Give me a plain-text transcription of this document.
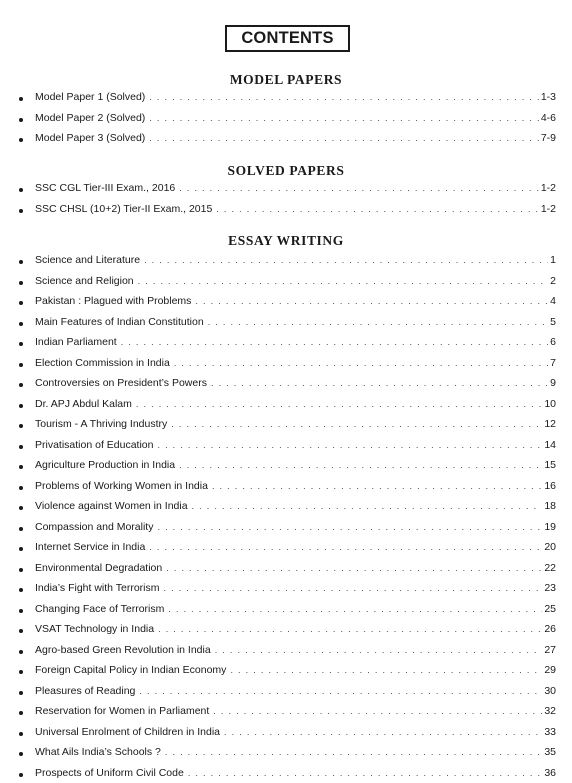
CONTENTS
MODEL PAPERS
Model Paper 1 (Solved) . . .	1-3
Model Paper 2 (Solved) . . .	4-6
Model Paper 3 (Solved) . . .	7-9
SOLVED PAPERS
SSC CGL Tier-III Exam., 2016 . . .	1-2
SSC CHSL (10+2) Tier-II Exam., 2015 . . .	1-2
ESSAY WRITING
Science and Literature . . .	1
Science and Religion . . .	2
Pakistan : Plagued with Problems . . .	4
Main Features of Indian Constitution . . .	5
Indian Parliament . . .	6
Election Commission in India . . .	7
Controversies on President’s Powers . . .	9
Dr. APJ Abdul Kalam . . .	10
Tourism - A Thriving Industry . . .	12
Privatisation of Education . . .	14
Agriculture Production in India . . .	15
Problems of Working Women in India . . .	16
Violence against Women in India . . .	18
Compassion and Morality . . .	19
Internet Service in India . . .	20
Environmental Degradation . . .	22
India’s Fight with Terrorism . . .	23
Changing Face of Terrorism . . .	25
VSAT Technology in India . . .	26
Agro-based Green Revolution in India . . .	27
Foreign Capital Policy in Indian Economy . . .	29
Pleasures of Reading . . .	30
Reservation for Women in Parliament . . .	32
Universal Enrolment of Children in India . . .	33
What Ails India’s Schools ? . . .	35
Prospects of Uniform Civil Code . . .	36
